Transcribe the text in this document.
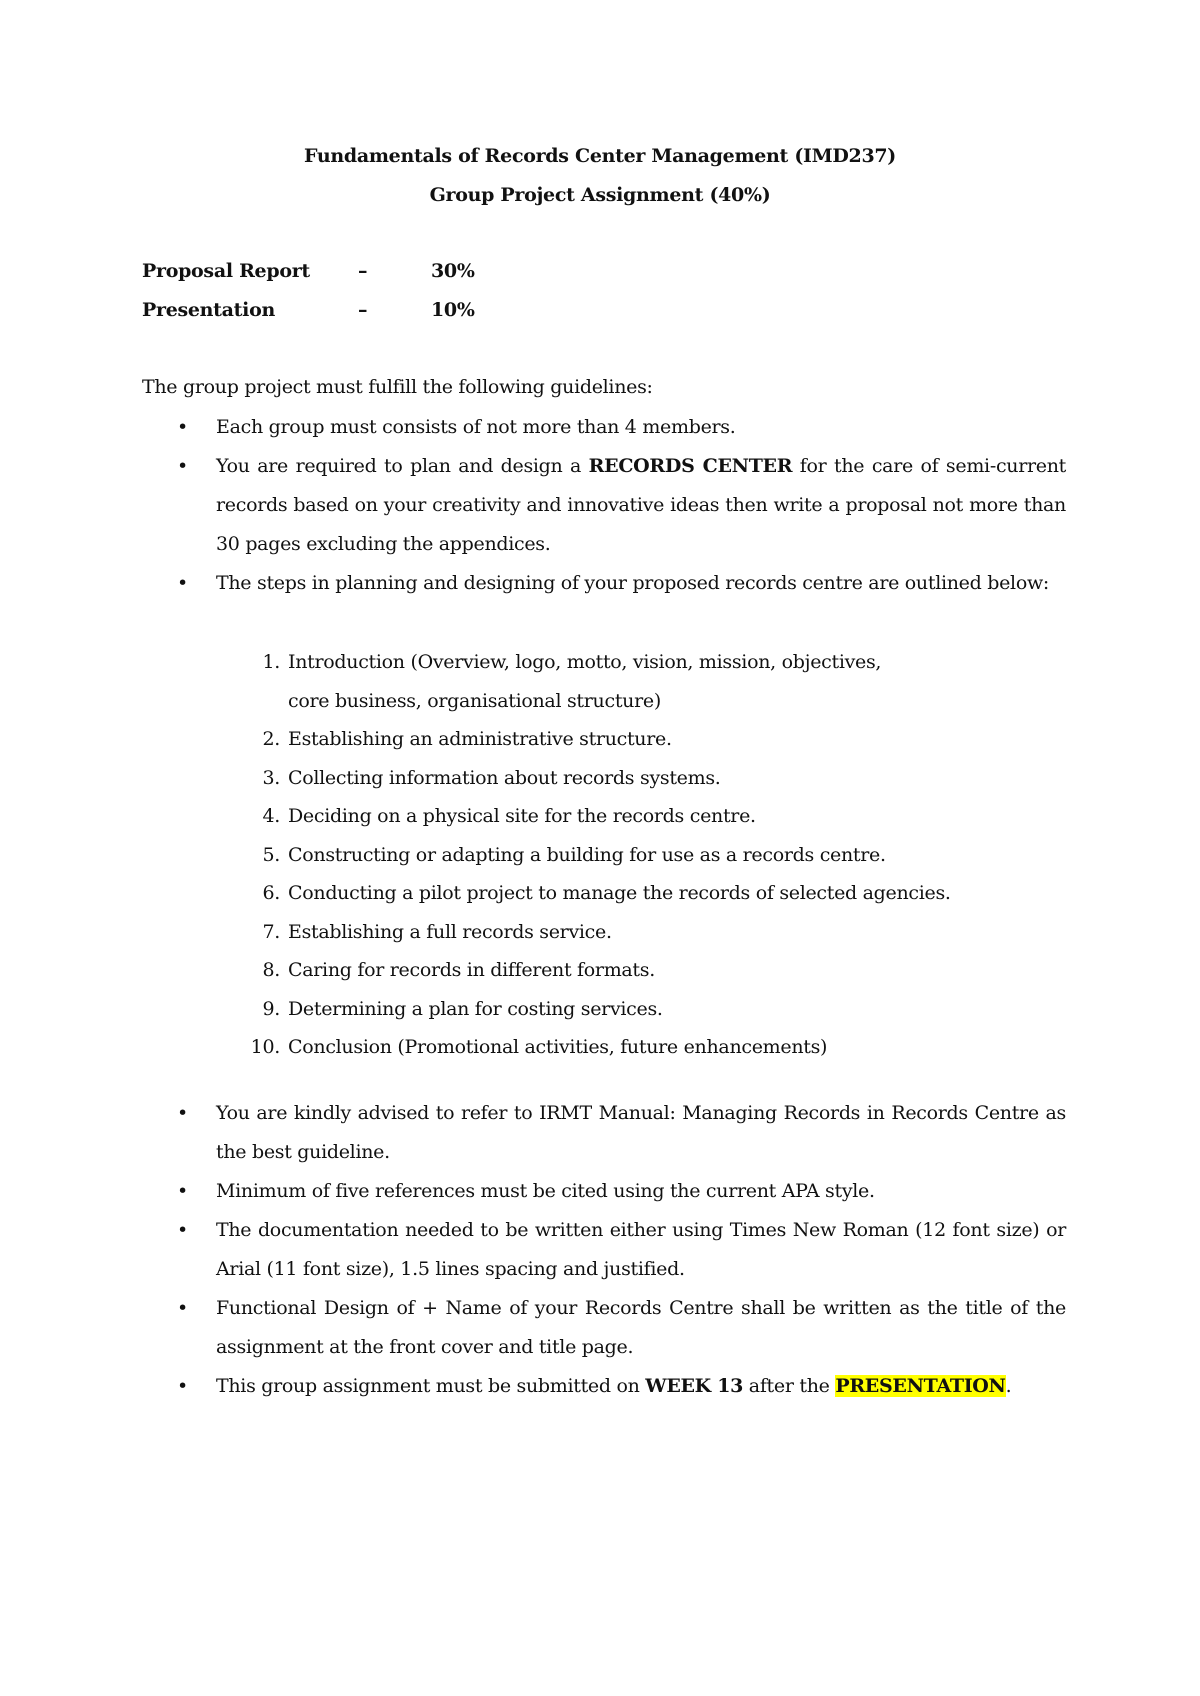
Fundamentals of Records Center Management (IMD237)
Group Project Assignment (40%)
Proposal Report	–	30%
Presentation	–	10%
The group project must fulfill the following guidelines:
• Each group must consists of not more than 4 members.
• You are required to plan and design a RECORDS CENTER for the care of semi-current records based on your creativity and innovative ideas then write a proposal not more than 30 pages excluding the appendices.
• The steps in planning and designing of your proposed records centre are outlined below:
1. Introduction (Overview, logo, motto, vision, mission, objectives,
core business, organisational structure)
2. Establishing an administrative structure.
3. Collecting information about records systems.
4. Deciding on a physical site for the records centre.
5. Constructing or adapting a building for use as a records centre.
6. Conducting a pilot project to manage the records of selected agencies.
7. Establishing a full records service.
8. Caring for records in different formats.
9. Determining a plan for costing services.
10. Conclusion (Promotional activities, future enhancements)
• You are kindly advised to refer to IRMT Manual: Managing Records in Records Centre as the best guideline.
• Minimum of five references must be cited using the current APA style.
• The documentation needed to be written either using Times New Roman (12 font size) or Arial (11 font size), 1.5 lines spacing and justified.
• Functional Design of + Name of your Records Centre shall be written as the title of the assignment at the front cover and title page.
• This group assignment must be submitted on WEEK 13 after the PRESENTATION.
